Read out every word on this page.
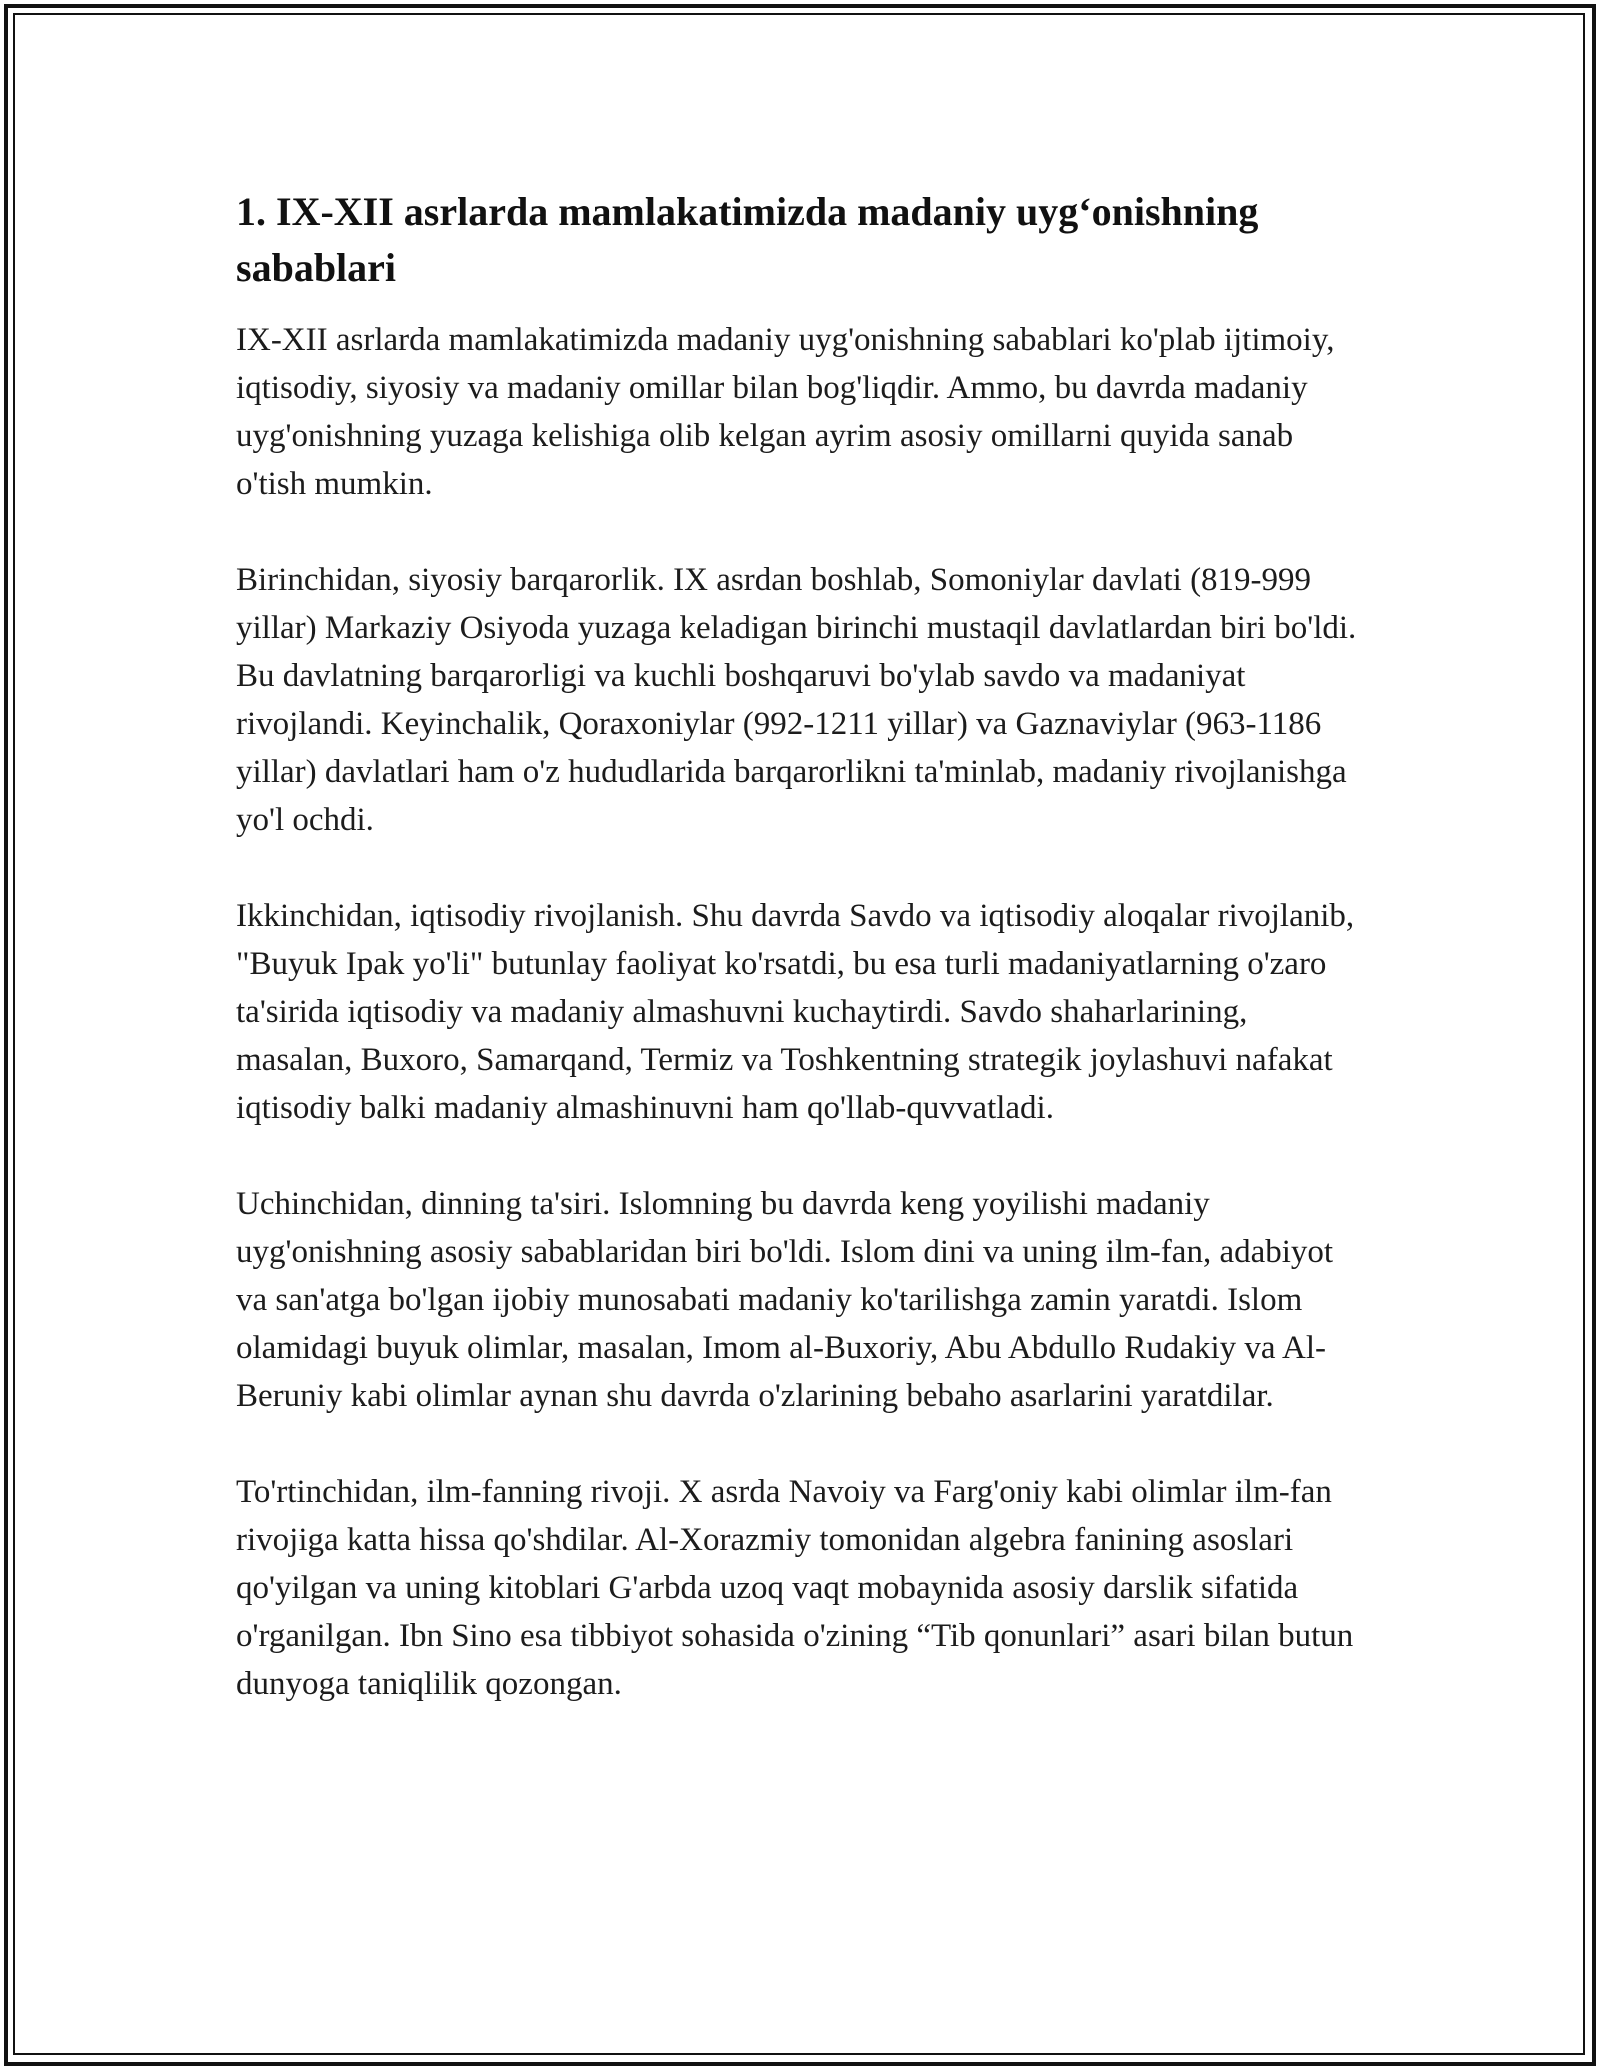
1. IX-XII asrlarda mamlakatimizda madaniy uyg‘onishning sabablari

IX-XII asrlarda mamlakatimizda madaniy uyg'onishning sabablari ko'plab ijtimoiy, iqtisodiy, siyosiy va madaniy omillar bilan bog'liqdir. Ammo, bu davrda madaniy uyg'onishning yuzaga kelishiga olib kelgan ayrim asosiy omillarni quyida sanab o'tish mumkin.

Birinchidan, siyosiy barqarorlik. IX asrdan boshlab, Somoniylar davlati (819-999 yillar) Markaziy Osiyoda yuzaga keladigan birinchi mustaqil davlatlardan biri bo'ldi. Bu davlatning barqarorligi va kuchli boshqaruvi bo'ylab savdo va madaniyat rivojlandi. Keyinchalik, Qoraxoniylar (992-1211 yillar) va Gaznaviylar (963-1186 yillar) davlatlari ham o'z hududlarida barqarorlikni ta'minlab, madaniy rivojlanishga yo'l ochdi.

Ikkinchidan, iqtisodiy rivojlanish. Shu davrda Savdo va iqtisodiy aloqalar rivojlanib, "Buyuk Ipak yo'li" butunlay faoliyat ko'rsatdi, bu esa turli madaniyatlarning o'zaro ta'sirida iqtisodiy va madaniy almashuvni kuchaytirdi. Savdo shaharlarining, masalan, Buxoro, Samarqand, Termiz va Toshkentning strategik joylashuvi nafakat iqtisodiy balki madaniy almashinuvni ham qo'llab-quvvatladi.

Uchinchidan, dinning ta'siri. Islomning bu davrda keng yoyilishi madaniy uyg'onishning asosiy sabablaridan biri bo'ldi. Islom dini va uning ilm-fan, adabiyot va san'atga bo'lgan ijobiy munosabati madaniy ko'tarilishga zamin yaratdi. Islom olamidagi buyuk olimlar, masalan, Imom al-Buxoriy, Abu Abdullo Rudakiy va Al-Beruniy kabi olimlar aynan shu davrda o'zlarining bebaho asarlarini yaratdilar.

To'rtinchidan, ilm-fanning rivoji. X asrda Navoiy va Farg'oniy kabi olimlar ilm-fan rivojiga katta hissa qo'shdilar. Al-Xorazmiy tomonidan algebra fanining asoslari qo'yilgan va uning kitoblari G'arbda uzoq vaqt mobaynida asosiy darslik sifatida o'rganilgan. Ibn Sino esa tibbiyot sohasida o'zining “Tib qonunlari” asari bilan butun dunyoga taniqlilik qozongan.
